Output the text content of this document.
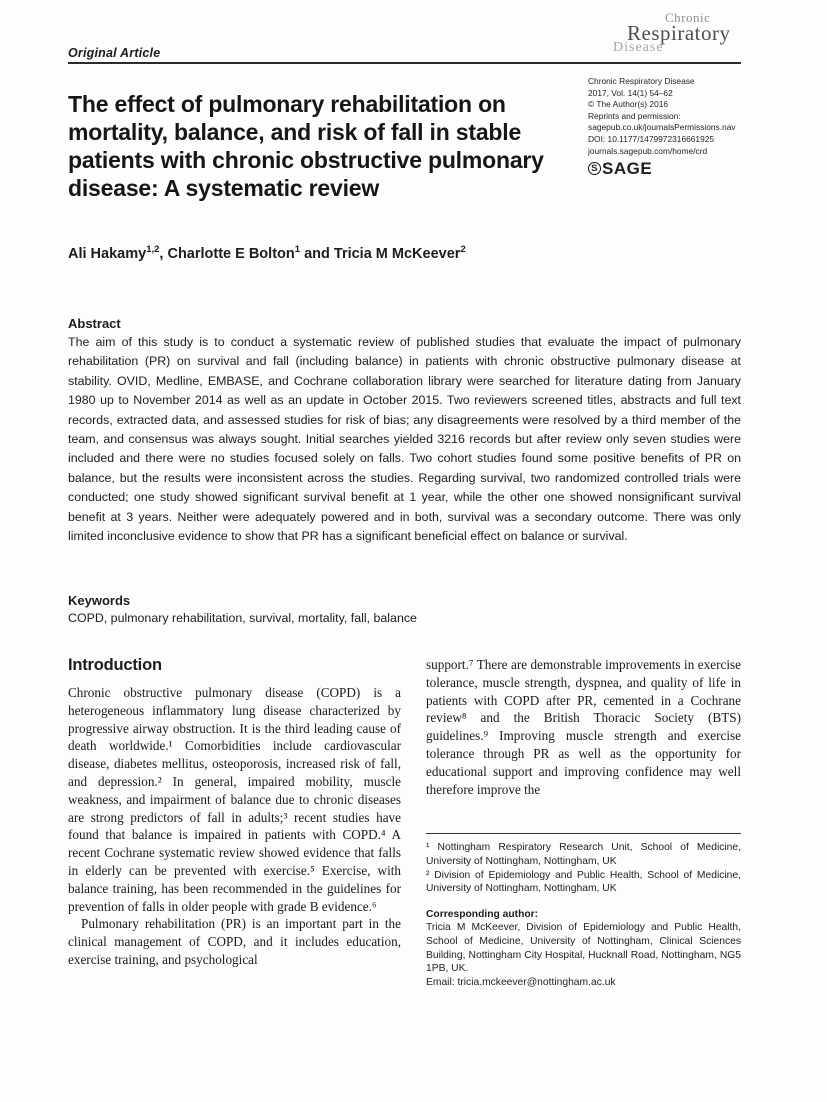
Original Article
Chronic
Respiratory
Disease
Chronic Respiratory Disease
2017, Vol. 14(1) 54–62
© The Author(s) 2016
Reprints and permission:
sagepub.co.uk/journalsPermissions.nav
DOI: 10.1177/1479972316661925
journals.sagepub.com/home/crd
S SAGE
The effect of pulmonary rehabilitation on mortality, balance, and risk of fall in stable patients with chronic obstructive pulmonary disease: A systematic review

Ali Hakamy$^{1,2}$, Charlotte E Bolton$^1$ and Tricia M McKeever$^2$

Abstract

The aim of this study is to conduct a systematic review of published studies that evaluate the impact of pulmonary rehabilitation (PR) on survival and fall (including balance) in patients with chronic obstructive pulmonary disease at stability. OVID, Medline, EMBASE, and Cochrane collaboration library were searched for literature dating from January 1980 up to November 2014 as well as an update in October 2015. Two reviewers screened titles, abstracts and full text records, extracted data, and assessed studies for risk of bias; any disagreements were resolved by a third member of the team, and consensus was always sought. Initial searches yielded 3216 records but after review only seven studies were included and there were no studies focused solely on falls. Two cohort studies found some positive benefits of PR on balance, but the results were inconsistent across the studies. Regarding survival, two randomized controlled trials were conducted; one study showed significant survival benefit at 1 year, while the other one showed nonsignificant survival benefit at 3 years. Neither were adequately powered and in both, survival was a secondary outcome. There was only limited inconclusive evidence to show that PR has a significant beneficial effect on balance or survival.

Keywords

COPD, pulmonary rehabilitation, survival, mortality, fall, balance

Introduction

Chronic obstructive pulmonary disease (COPD) is a heterogeneous inflammatory lung disease characterized by progressive airway obstruction. It is the third leading cause of death worldwide.¹ Comorbidities include cardiovascular disease, diabetes mellitus, osteoporosis, increased risk of fall, and depression.² In general, impaired mobility, muscle weakness, and impairment of balance due to chronic diseases are strong predictors of fall in adults;³ recent studies have found that balance is impaired in patients with COPD.⁴ A recent Cochrane systematic review showed evidence that falls in elderly can be prevented with exercise.⁵ Exercise, with balance training, has been recommended in the guidelines for prevention of falls in older people with grade B evidence.⁶

Pulmonary rehabilitation (PR) is an important part in the clinical management of COPD, and it includes education, exercise training, and psychological

support.⁷ There are demonstrable improvements in exercise tolerance, muscle strength, dyspnea, and quality of life in patients with COPD after PR, cemented in a Cochrane review⁸ and the British Thoracic Society (BTS) guidelines.⁹ Improving muscle strength and exercise tolerance through PR as well as the opportunity for educational support and improving confidence may well therefore improve the

¹ Nottingham Respiratory Research Unit, School of Medicine, University of Nottingham, Nottingham, UK

² Division of Epidemiology and Public Health, School of Medicine, University of Nottingham, Nottingham, UK

Corresponding author:

Tricia M McKeever, Division of Epidemiology and Public Health, School of Medicine, University of Nottingham, Clinical Sciences Building, Nottingham City Hospital, Hucknall Road, Nottingham, NG5 1PB, UK.

Email: tricia.mckeever@nottingham.ac.uk
